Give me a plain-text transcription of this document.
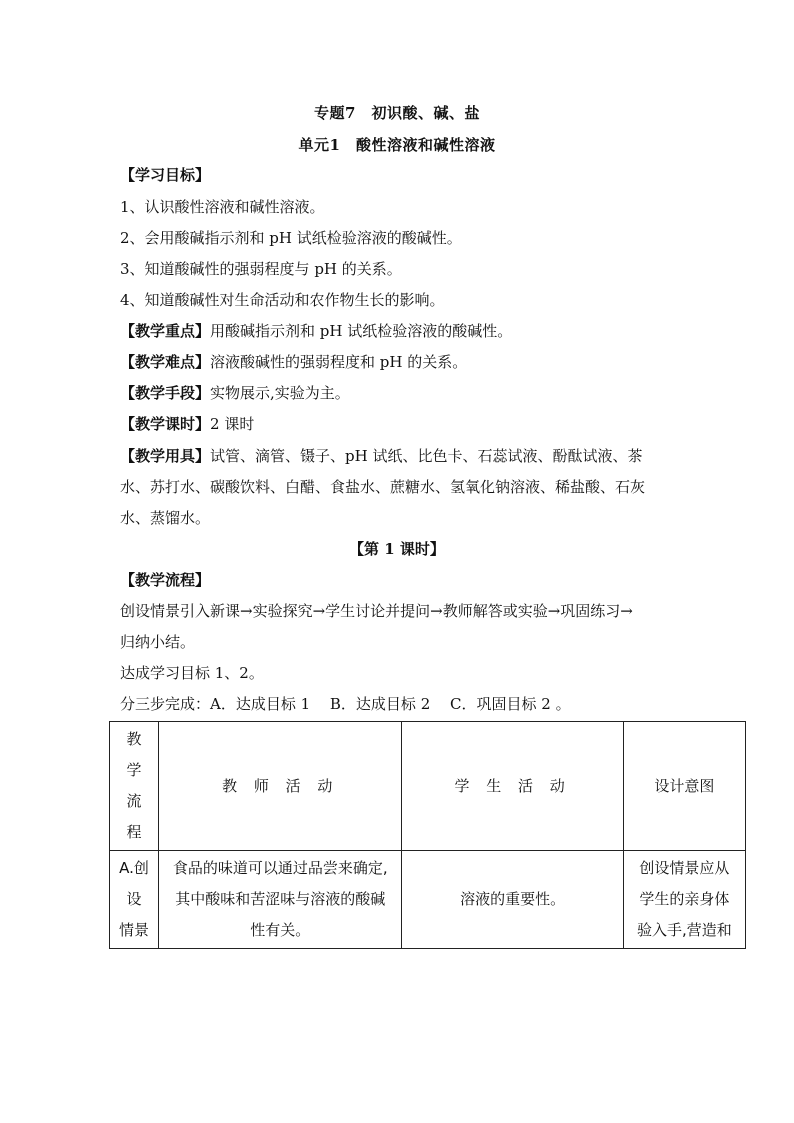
专题7　初识酸、碱、盐
单元1　酸性溶液和碱性溶液
【学习目标】
1、认识酸性溶液和碱性溶液。
2、会用酸碱指示剂和 pH 试纸检验溶液的酸碱性。
3、知道酸碱性的强弱程度与 pH 的关系。
4、知道酸碱性对生命活动和农作物生长的影响。
【教学重点】用酸碱指示剂和 pH 试纸检验溶液的酸碱性。
【教学难点】溶液酸碱性的强弱程度和 pH 的关系。
【教学手段】实物展示,实验为主。
【教学课时】2 课时
【教学用具】试管、滴管、镊子、pH 试纸、比色卡、石蕊试液、酚酞试液、茶
水、苏打水、碳酸饮料、白醋、食盐水、蔗糖水、氢氧化钠溶液、稀盐酸、石灰
水、蒸馏水。
【第 1 课时】
【教学流程】
创设情景引入新课→实验探究→学生讨论并提问→教师解答或实验→巩固练习→
归纳小结。
达成学习目标 1、2。
分三步完成：A．达成目标 1　 B．达成目标 2　 C．巩固目标 2 。
教
学
流
程	教 师 活 动	学 生 活 动	设计意图

A.创
设
情景	食品的味道可以通过品尝来确定,
其中酸味和苦涩味与溶液的酸碱
性有关。	溶液的重要性。	创设情景应从
学生的亲身体
验入手,营造和
